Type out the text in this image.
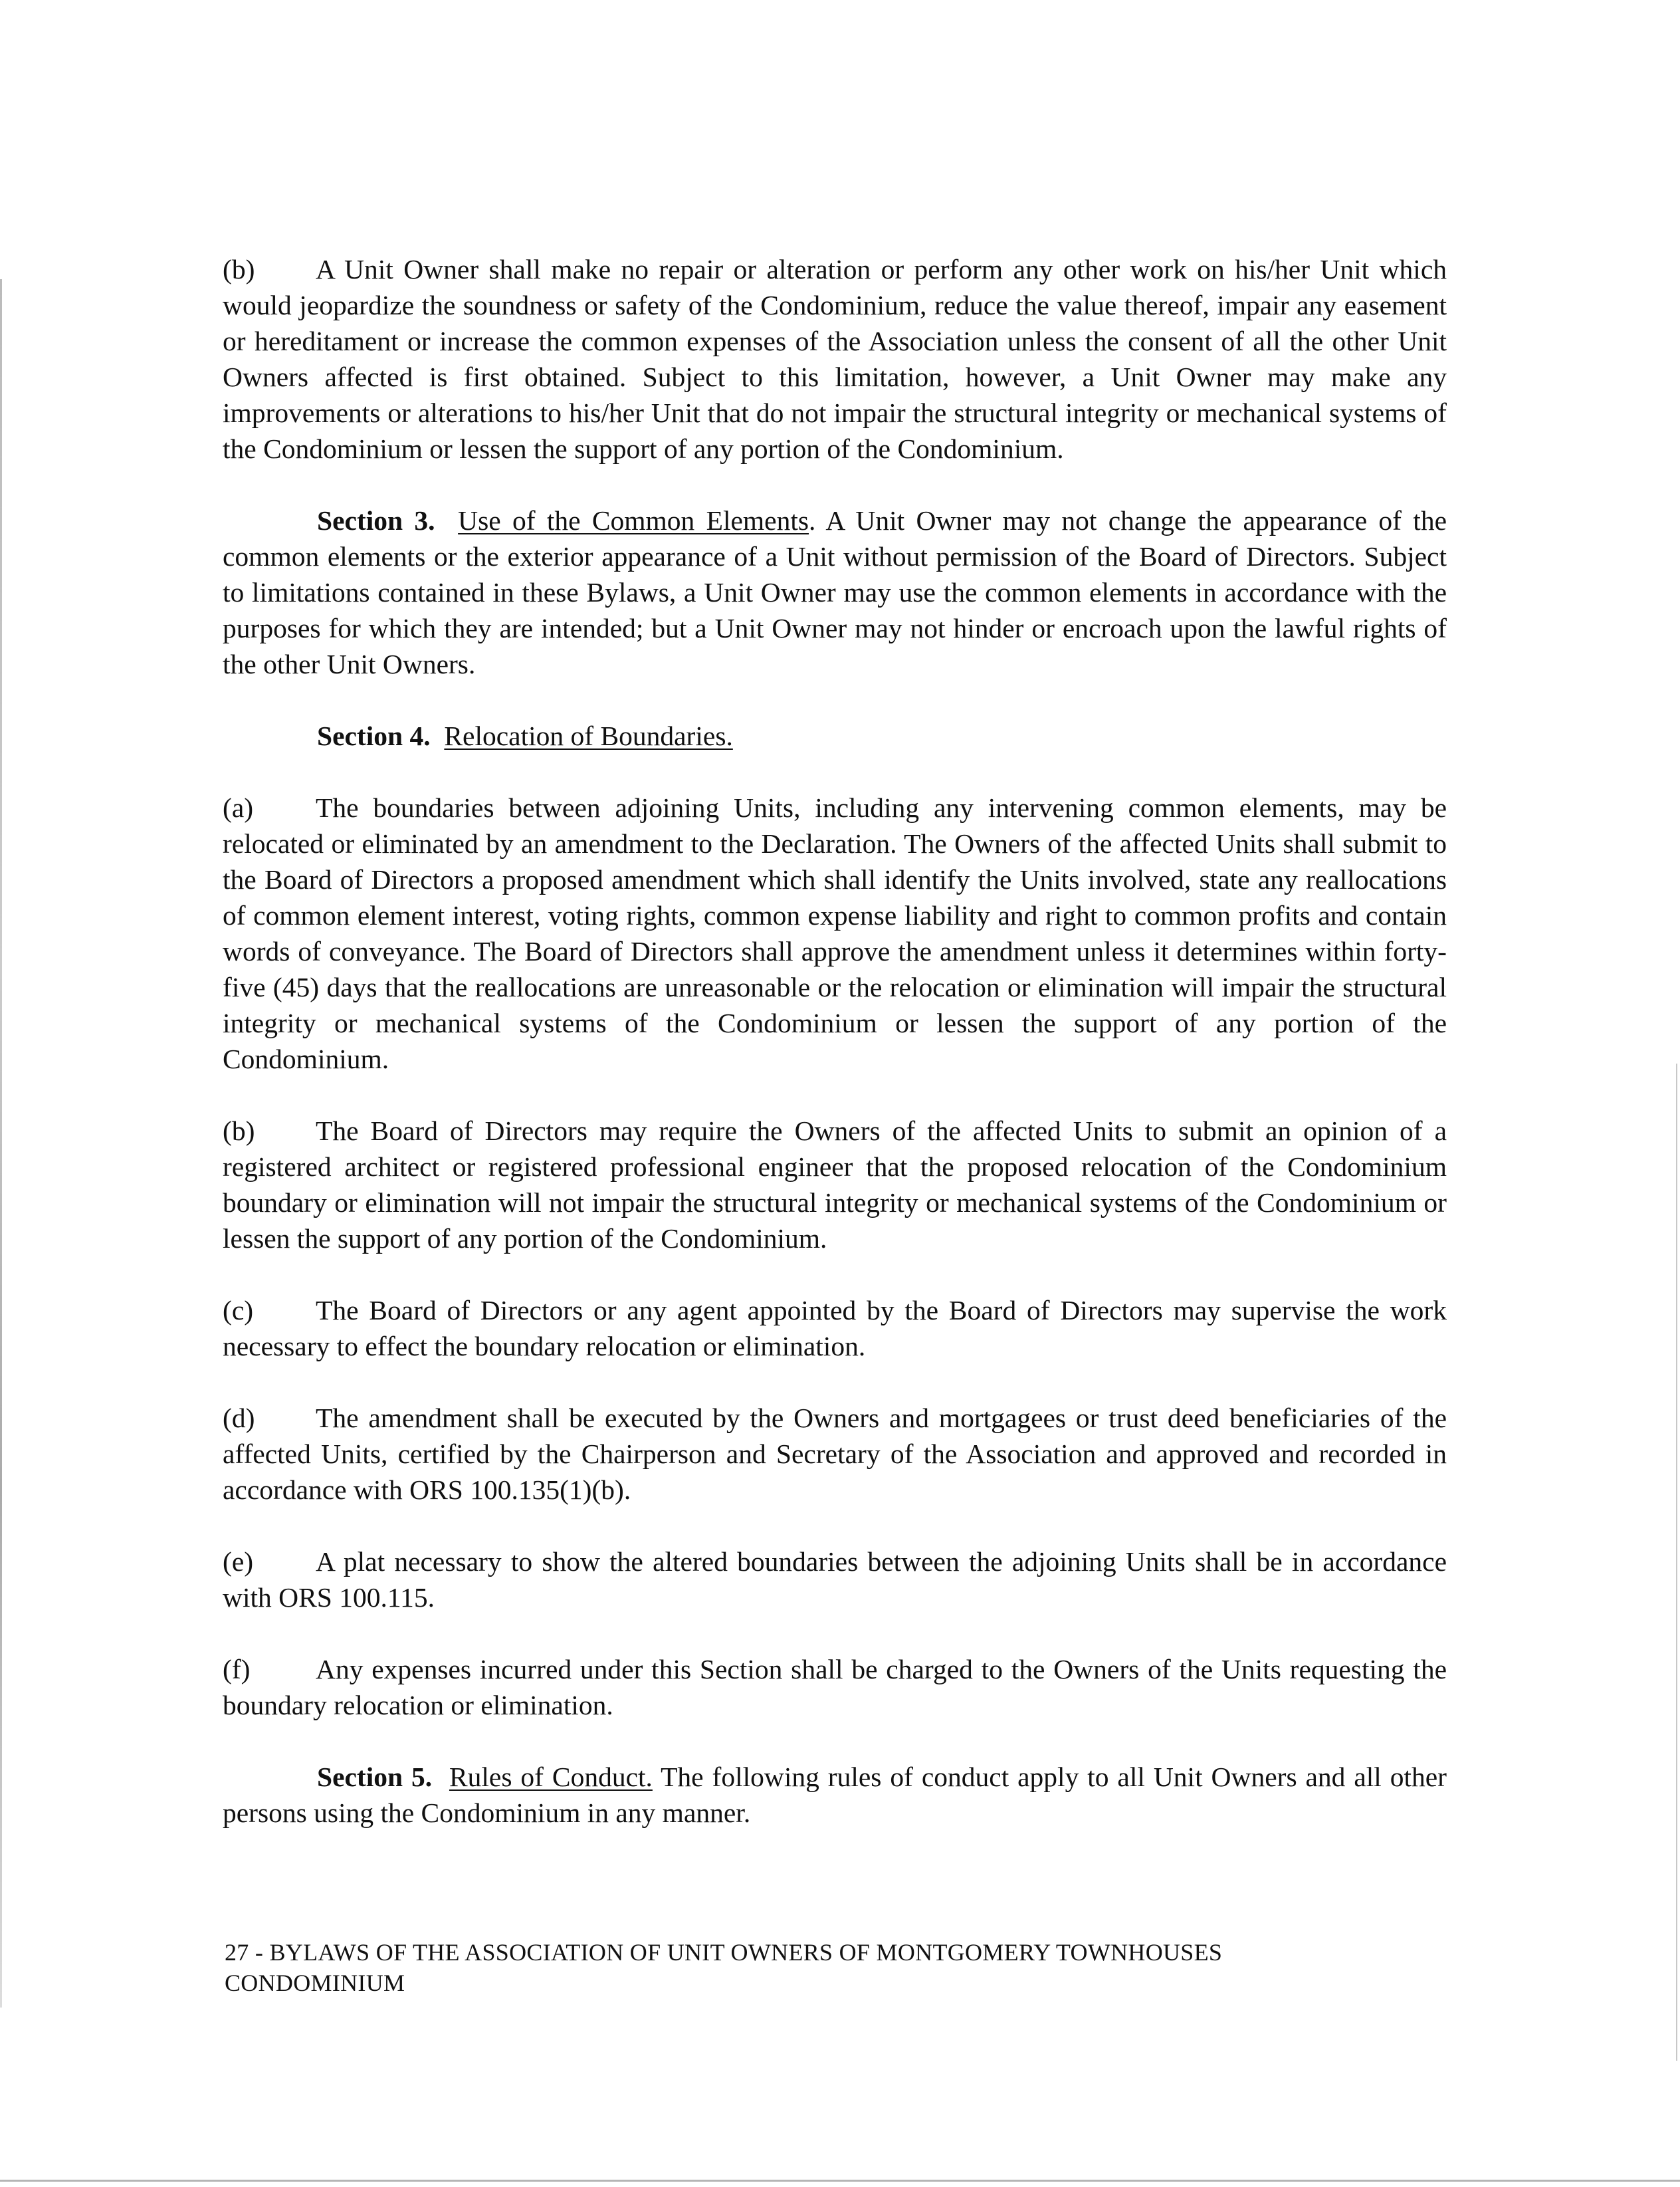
(b) A Unit Owner shall make no repair or alteration or perform any other work on his/her Unit which would jeopardize the soundness or safety of the Condominium, reduce the value thereof, impair any easement or hereditament or increase the common expenses of the Association unless the consent of all the other Unit Owners affected is first obtained. Subject to this limitation, however, a Unit Owner may make any improvements or alterations to his/her Unit that do not impair the structural integrity or mechanical systems of the Condominium or lessen the support of any portion of the Condominium.

Section 3. Use of the Common Elements. A Unit Owner may not change the appearance of the common elements or the exterior appearance of a Unit without permission of the Board of Directors. Subject to limitations contained in these Bylaws, a Unit Owner may use the common elements in accordance with the purposes for which they are intended; but a Unit Owner may not hinder or encroach upon the lawful rights of the other Unit Owners.

Section 4. Relocation of Boundaries.

(a) The boundaries between adjoining Units, including any intervening common elements, may be relocated or eliminated by an amendment to the Declaration. The Owners of the affected Units shall submit to the Board of Directors a proposed amendment which shall identify the Units involved, state any reallocations of common element interest, voting rights, common expense liability and right to common profits and contain words of conveyance. The Board of Directors shall approve the amendment unless it determines within forty-five (45) days that the reallocations are unreasonable or the relocation or elimination will impair the structural integrity or mechanical systems of the Condominium or lessen the support of any portion of the Condominium.

(b) The Board of Directors may require the Owners of the affected Units to submit an opinion of a registered architect or registered professional engineer that the proposed relocation of the Condominium boundary or elimination will not impair the structural integrity or mechanical systems of the Condominium or lessen the support of any portion of the Condominium.

(c) The Board of Directors or any agent appointed by the Board of Directors may supervise the work necessary to effect the boundary relocation or elimination.

(d) The amendment shall be executed by the Owners and mortgagees or trust deed beneficiaries of the affected Units, certified by the Chairperson and Secretary of the Association and approved and recorded in accordance with ORS 100.135(1)(b).

(e) A plat necessary to show the altered boundaries between the adjoining Units shall be in accordance with ORS 100.115.

(f) Any expenses incurred under this Section shall be charged to the Owners of the Units requesting the boundary relocation or elimination.

Section 5. Rules of Conduct. The following rules of conduct apply to all Unit Owners and all other persons using the Condominium in any manner.

27 - BYLAWS OF THE ASSOCIATION OF UNIT OWNERS OF MONTGOMERY TOWNHOUSES
CONDOMINIUM
